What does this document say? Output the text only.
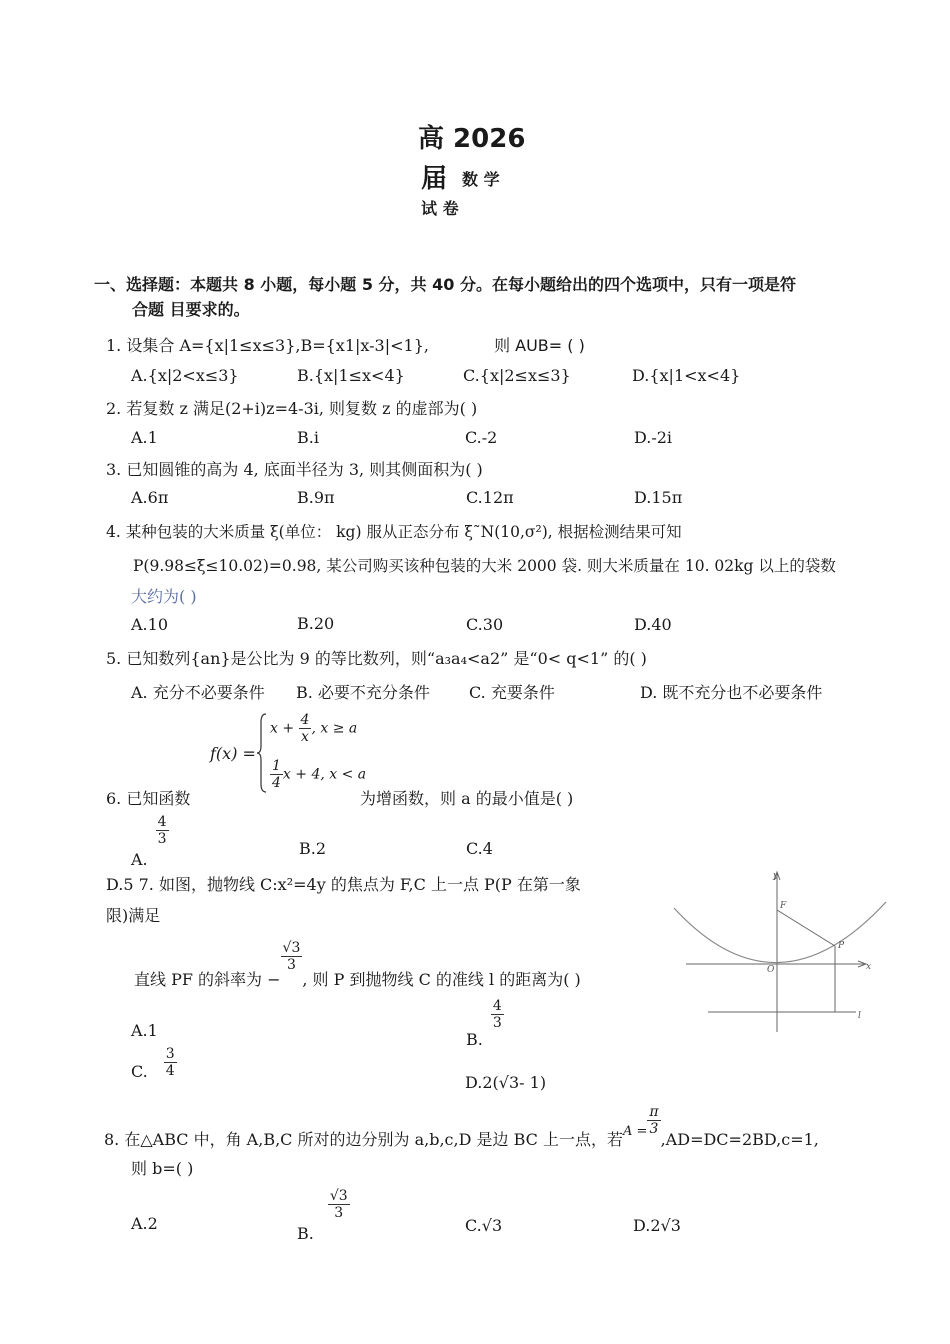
高 2026
届 数 学
试 卷
一、选择题：本题共 8 小题，每小题 5 分，共 40 分。在每小题给出的四个选项中，只有一项是符
合题 目要求的。
1. 设集合 A={x|1≤x≤3},B={x1|x-3|<1},	则 AUB= ( )
A.{x|2<x≤3}	B.{x|1≤x<4}	C.{x|2≤x≤3}	D.{x|1<x<4}
2. 若复数 z 满足(2+i)z=4-3i, 则复数 z 的虚部为( )
A.1	B.i	C.-2	D.-2i
3. 已知圆锥的高为 4, 底面半径为 3, 则其侧面积为( )
A.6π	B.9π	C.12π	D.15π
4. 某种包装的大米质量 ξ(单位： kg) 服从正态分布 ξ˜N(10,σ²), 根据检测结果可知
P(9.98≤ξ≤10.02)=0.98, 某公司购买该种包装的大米 2000 袋. 则大米质量在 10. 02kg 以上的袋数
大约为( )
A.10	B.20	C.30	D.40
5. 已知数列{an}是公比为 9 的等比数列，则“a₃a₄<a2” 是“0< q<1” 的( )
A. 充分不必要条件 B. 必要不充分条件 C. 充要条件	D. 既不充分也不必要条件
f(x) =
$x + \frac{4}{x}$ , x ≥ a
$\frac{1}{4}$ x + 4, x < a
6. 已知函数	为增函数，则 a 的最小值是( )
A.
$\frac{4}{3}$
B.2	C.4
D.5 7. 如图，抛物线 C:x²=4y 的焦点为 F,C 上一点 P(P 在第一象
限)满足
直线 PF 的斜率为 −
$\frac{√3}{3}$
, 则 P 到抛物线 C 的准线 l 的距离为( )
A.1	B.
$\frac{4}{3}$
C. $\frac{3}{4}$
D.2(√3- 1)
y
x
F
O
P
l
8. 在△ABC 中，角 A,B,C 所对的边分别为 a,b,c,D 是边 BC 上一点，若$_{A =} \frac{\pi}{3}$
,AD=DC=2BD,c=1,
则 b=( )
A.2
B.
$\frac{√3}{3}$
C.√3	D.2√3
